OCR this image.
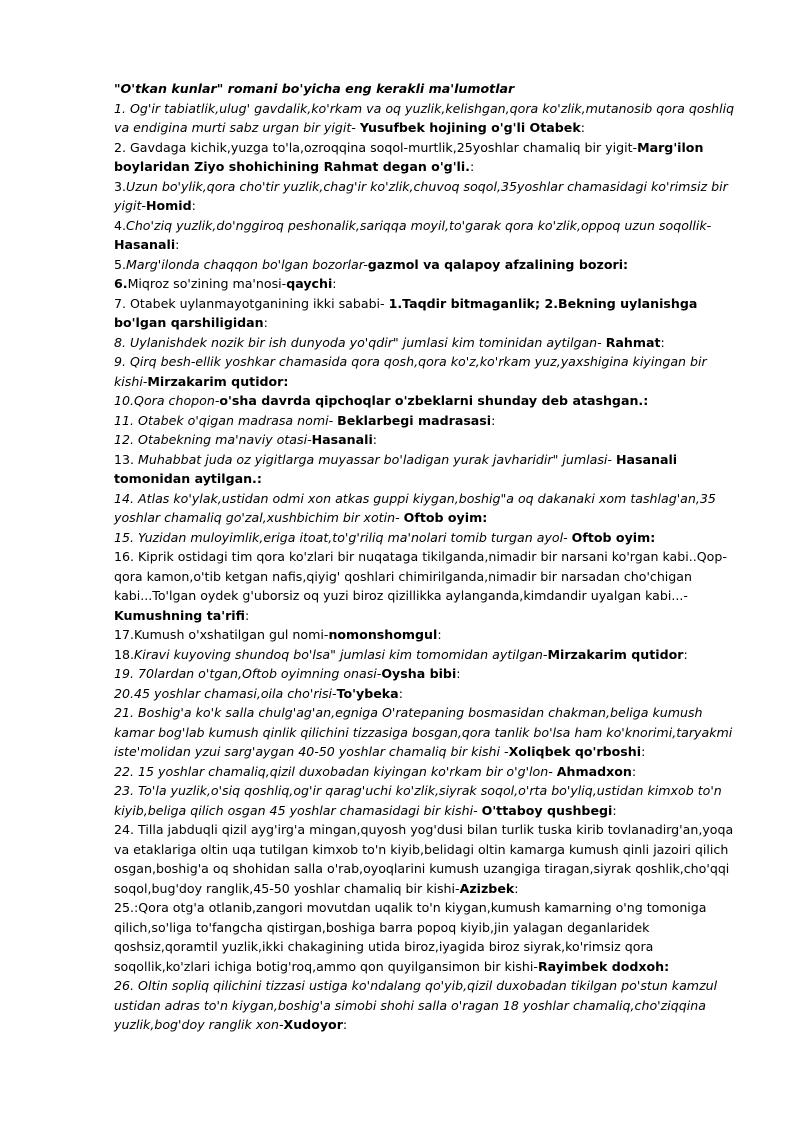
"O'tkan kunlar" romani bo'yicha eng kerakli ma'lumotlar
1. Og'ir tabiatlik,ulug' gavdalik,ko'rkam va oq yuzlik,kelishgan,qora ko'zlik,mutanosib qora qoshliq va endigina murti sabz urgan bir yigit- Yusufbek hojining o'g'li Otabek:
2. Gavdaga kichik,yuzga to'la,ozroqqina soqol-murtlik,25yoshlar chamaliq bir yigit-Marg'ilon boylaridan Ziyo shohichining Rahmat degan o'g'li.:
3.Uzun bo'ylik,qora cho'tir yuzlik,chag'ir ko'zlik,chuvoq soqol,35yoshlar chamasidagi ko'rimsiz bir yigit-Homid:
4.Cho'ziq yuzlik,do'nggiroq peshonalik,sariqqa moyil,to'garak qora ko'zlik,oppoq uzun soqollik-Hasanali:
5.Marg'ilonda chaqqon bo'lgan bozorlar-gazmol va qalapoy afzalining bozori:
6.Miqroz so'zining ma'nosi-qaychi:
7. Otabek uylanmayotganining ikki sababi- 1.Taqdir bitmaganlik; 2.Bekning uylanishga bo'lgan qarshiligidan:
8. Uylanishdek nozik bir ish dunyoda yo'qdir" jumlasi kim tominidan aytilgan- Rahmat:
9. Qirq besh-ellik yoshkar chamasida qora qosh,qora ko'z,ko'rkam yuz,yaxshigina kiyingan bir kishi-Mirzakarim qutidor:
10.Qora chopon-o'sha davrda qipchoqlar o'zbeklarni shunday deb atashgan.:
11. Otabek o'qigan madrasa nomi- Beklarbegi madrasasi:
12. Otabekning ma'naviy otasi-Hasanali:
13. Muhabbat juda oz yigitlarga muyassar bo'ladigan yurak javharidir" jumlasi- Hasanali tomonidan aytilgan.:
14. Atlas ko'ylak,ustidan odmi xon atkas guppi kiygan,boshig"a oq dakanaki xom tashlag'an,35 yoshlar chamaliq go'zal,xushbichim bir xotin- Oftob oyim:
15. Yuzidan muloyimlik,eriga itoat,to'g'riliq ma'nolari tomib turgan ayol- Oftob oyim:
16. Kiprik ostidagi tim qora ko'zlari bir nuqataga tikilganda,nimadir bir narsani ko'rgan kabi..Qop-qora kamon,o'tib ketgan nafis,qiyig' qoshlari chimirilganda,nimadir bir narsadan cho'chigan kabi...To'lgan oydek g'uborsiz oq yuzi biroz qizillikka aylanganda,kimdandir uyalgan kabi...-Kumushning ta'rifi:
17.Kumush o'xshatilgan gul nomi-nomonshomgul:
18.Kiravi kuyoving shundoq bo'lsa" jumlasi kim tomomidan aytilgan-Mirzakarim qutidor:
19. 70lardan o'tgan,Oftob oyimning onasi-Oysha bibi:
20.45 yoshlar chamasi,oila cho'risi-To'ybeka:
21. Boshig'a ko'k salla chulg'ag'an,egniga O'ratepaning bosmasidan chakman,beliga kumush kamar bog'lab kumush qinlik qilichini tizzasiga bosgan,qora tanlik bo'lsa ham ko'knorimi,taryakmi iste'molidan yzui sarg'aygan 40-50 yoshlar chamaliq bir kishi -Xoliqbek qo'rboshi:
22. 15 yoshlar chamaliq,qizil duxobadan kiyingan ko'rkam bir o'g'lon- Ahmadxon:
23. To'la yuzlik,o'siq qoshliq,og'ir qarag'uchi ko'zlik,siyrak soqol,o'rta bo'yliq,ustidan kimxob to'n kiyib,beliga qilich osgan 45 yoshlar chamasidagi bir kishi- O'ttaboy qushbegi:
24. Tilla jabduqli qizil ayg'irg'a mingan,quyosh yog'dusi bilan turlik tuska kirib tovlanadirg'an,yoqa va etaklariga oltin uqa tutilgan kimxob to'n kiyib,belidagi oltin kamarga kumush qinli jazoiri qilich osgan,boshig'a oq shohidan salla o'rab,oyoqlarini kumush uzangiga tiragan,siyrak qoshlik,cho'qqi soqol,bug'doy ranglik,45-50 yoshlar chamaliq bir kishi-Azizbek:
25.:Qora otg'a otlanib,zangori movutdan uqalik to'n kiygan,kumush kamarning o'ng tomoniga qilich,so'liga to'fangcha qistirgan,boshiga barra popoq kiyib,jin yalagan deganlaridek qoshsiz,qoramtil yuzlik,ikki chakagining utida biroz,iyagida biroz siyrak,ko'rimsiz qora soqollik,ko'zlari ichiga botig'roq,ammo qon quyilgansimon bir kishi-Rayimbek dodxoh:
26. Oltin sopliq qilichini tizzasi ustiga ko'ndalang qo'yib,qizil duxobadan tikilgan po'stun kamzul ustidan adras to'n kiygan,boshig'a simobi shohi salla o'ragan 18 yoshlar chamaliq,cho'ziqqina yuzlik,bog'doy ranglik xon-Xudoyor:
